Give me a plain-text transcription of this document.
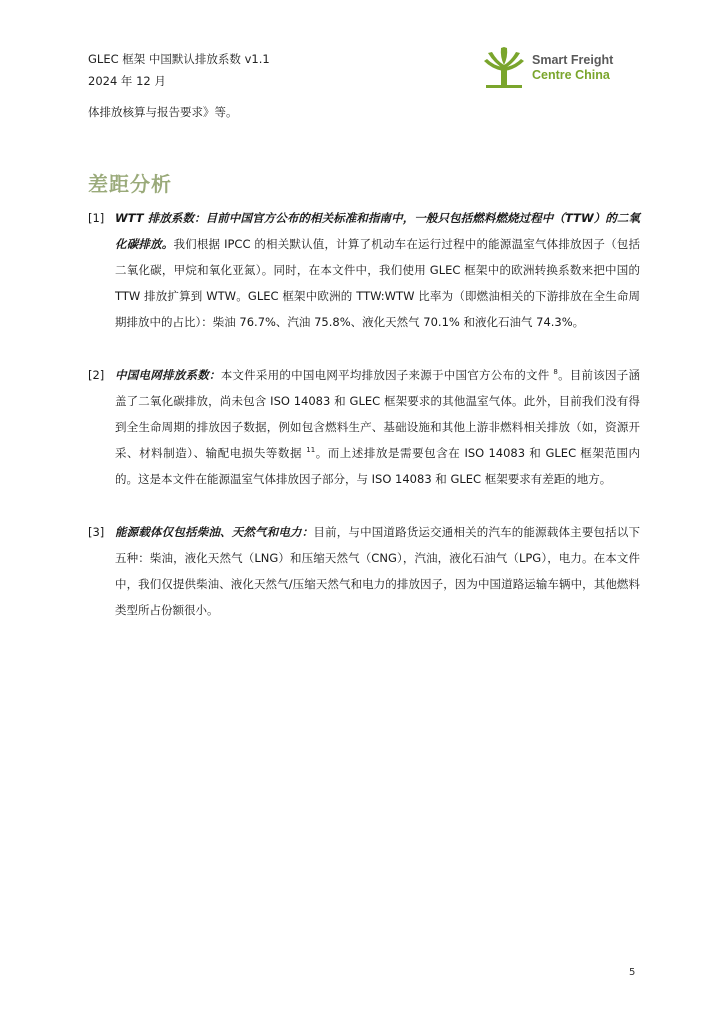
GLEC 框架 中国默认排放系数 v1.1
2024 年 12 月
Smart Freight
Centre China
体排放核算与报告要求》等。
差距分析
[1] WTT 排放系数：目前中国官方公布的相关标准和指南中，一般只包括燃料燃烧过程中（TTW）的二氧化碳排放。我们根据 IPCC 的相关默认值，计算了机动车在运行过程中的能源温室气体排放因子（包括二氧化碳，甲烷和氧化亚氮）。同时，在本文件中，我们使用 GLEC 框架中的欧洲转换系数来把中国的 TTW 排放扩算到 WTW。GLEC 框架中欧洲的 TTW:WTW 比率为（即燃油相关的下游排放在全生命周期排放中的占比）：柴油 76.7%、汽油 75.8%、液化天然气 70.1% 和液化石油气 74.3%。
[2] 中国电网排放系数：本文件采用的中国电网平均排放因子来源于中国官方公布的文件 $^8$。目前该因子涵盖了二氧化碳排放，尚未包含 ISO 14083 和 GLEC 框架要求的其他温室气体。此外，目前我们没有得到全生命周期的排放因子数据，例如包含燃料生产、基础设施和其他上游非燃料相关排放（如，资源开采、材料制造）、输配电损失等数据 $^{11}$。而上述排放是需要包含在 ISO 14083 和 GLEC 框架范围内的。这是本文件在能源温室气体排放因子部分，与 ISO 14083 和 GLEC 框架要求有差距的地方。
[3] 能源载体仅包括柴油、天然气和电力：目前，与中国道路货运交通相关的汽车的能源载体主要包括以下五种：柴油，液化天然气（LNG）和压缩天然气（CNG），汽油，液化石油气（LPG），电力。在本文件中，我们仅提供柴油、液化天然气/压缩天然气和电力的排放因子，因为中国道路运输车辆中，其他燃料类型所占份额很小。
5
